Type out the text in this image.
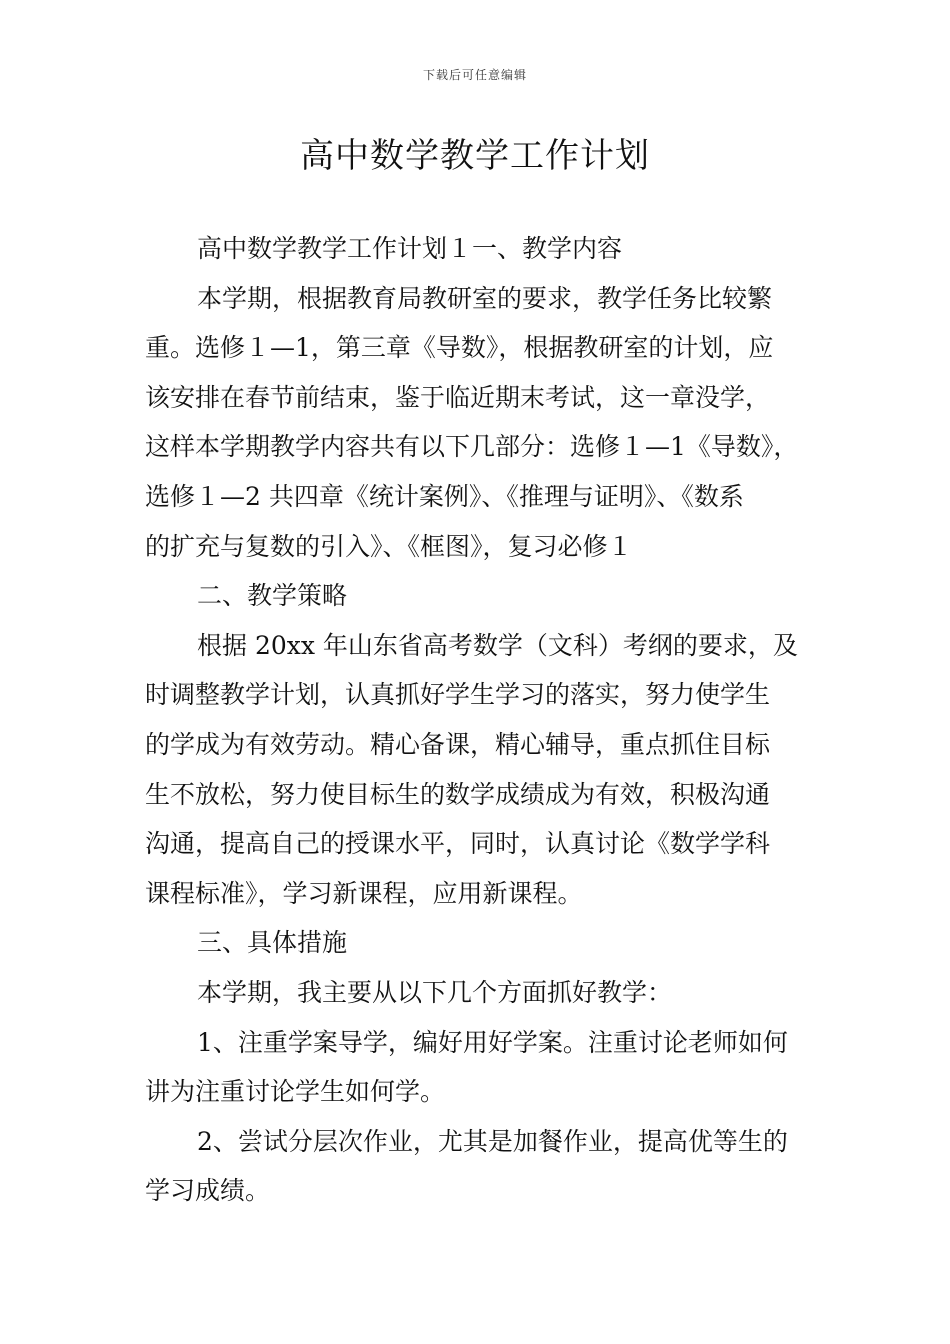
下载后可任意编辑
高中数学教学工作计划
高中数学教学工作计划１一、教学内容
本学期，根据教育局教研室的要求，教学任务比较繁
重。选修１—1，第三章《导数》，根据教研室的计划，应
该安排在春节前结束，鉴于临近期末考试，这一章没学，
这样本学期教学内容共有以下几部分：选修１—1《导数》，
选修１—2 共四章《统计案例》、《推理与证明》、《数系
的扩充与复数的引入》、《框图》，复习必修１
二、教学策略
根据 20xx 年山东省高考数学（文科）考纲的要求，及
时调整教学计划，认真抓好学生学习的落实，努力使学生
的学成为有效劳动。精心备课，精心辅导，重点抓住目标
生不放松，努力使目标生的数学成绩成为有效，积极沟通
沟通，提高自己的授课水平，同时，认真讨论《数学学科
课程标准》，学习新课程，应用新课程。
三、具体措施
本学期，我主要从以下几个方面抓好教学：
1、注重学案导学，编好用好学案。注重讨论老师如何
讲为注重讨论学生如何学。
2、尝试分层次作业，尤其是加餐作业，提高优等生的
学习成绩。
